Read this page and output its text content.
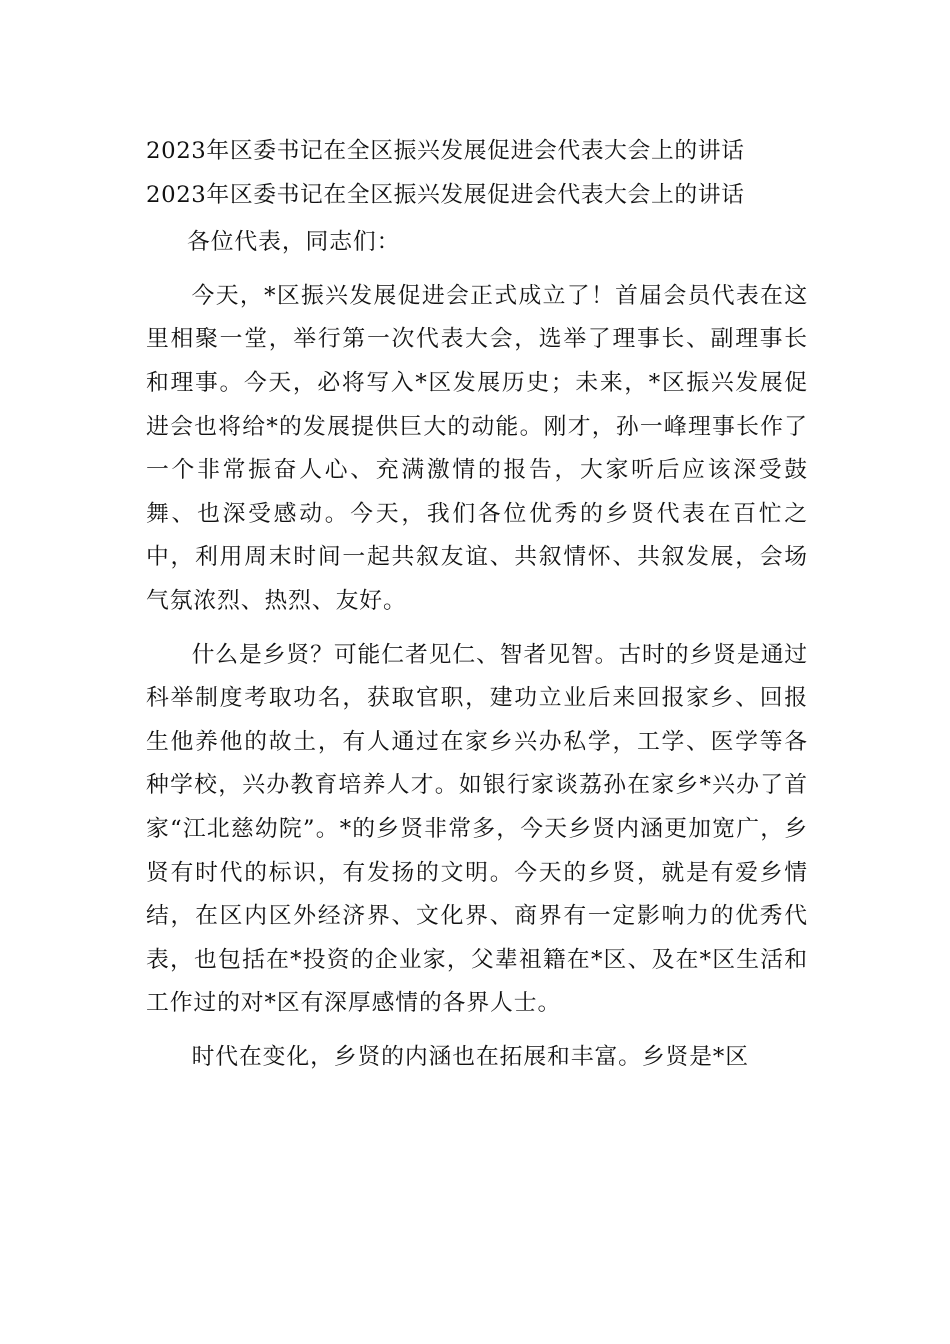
2023年区委书记在全区振兴发展促进会代表大会上的讲话
2023年区委书记在全区振兴发展促进会代表大会上的讲话

各位代表，同志们：

今天，*区振兴发展促进会正式成立了！首届会员代表在这里相聚一堂，举行第一次代表大会，选举了理事长、副理事长和理事。今天，必将写入*区发展历史；未来，*区振兴发展促进会也将给*的发展提供巨大的动能。刚才，孙一峰理事长作了一个非常振奋人心、充满激情的报告，大家听后应该深受鼓舞、也深受感动。今天，我们各位优秀的乡贤代表在百忙之中，利用周末时间一起共叙友谊、共叙情怀、共叙发展，会场气氛浓烈、热烈、友好。

什么是乡贤？可能仁者见仁、智者见智。古时的乡贤是通过科举制度考取功名，获取官职，建功立业后来回报家乡、回报生他养他的故土，有人通过在家乡兴办私学，工学、医学等各种学校，兴办教育培养人才。如银行家谈荔孙在家乡*兴办了首家“江北慈幼院”。*的乡贤非常多，今天乡贤内涵更加宽广，乡贤有时代的标识，有发扬的文明。今天的乡贤，就是有爱乡情结，在区内区外经济界、文化界、商界有一定影响力的优秀代表，也包括在*投资的企业家，父辈祖籍在*区、及在*区生活和工作过的对*区有深厚感情的各界人士。

时代在变化，乡贤的内涵也在拓展和丰富。乡贤是*区
